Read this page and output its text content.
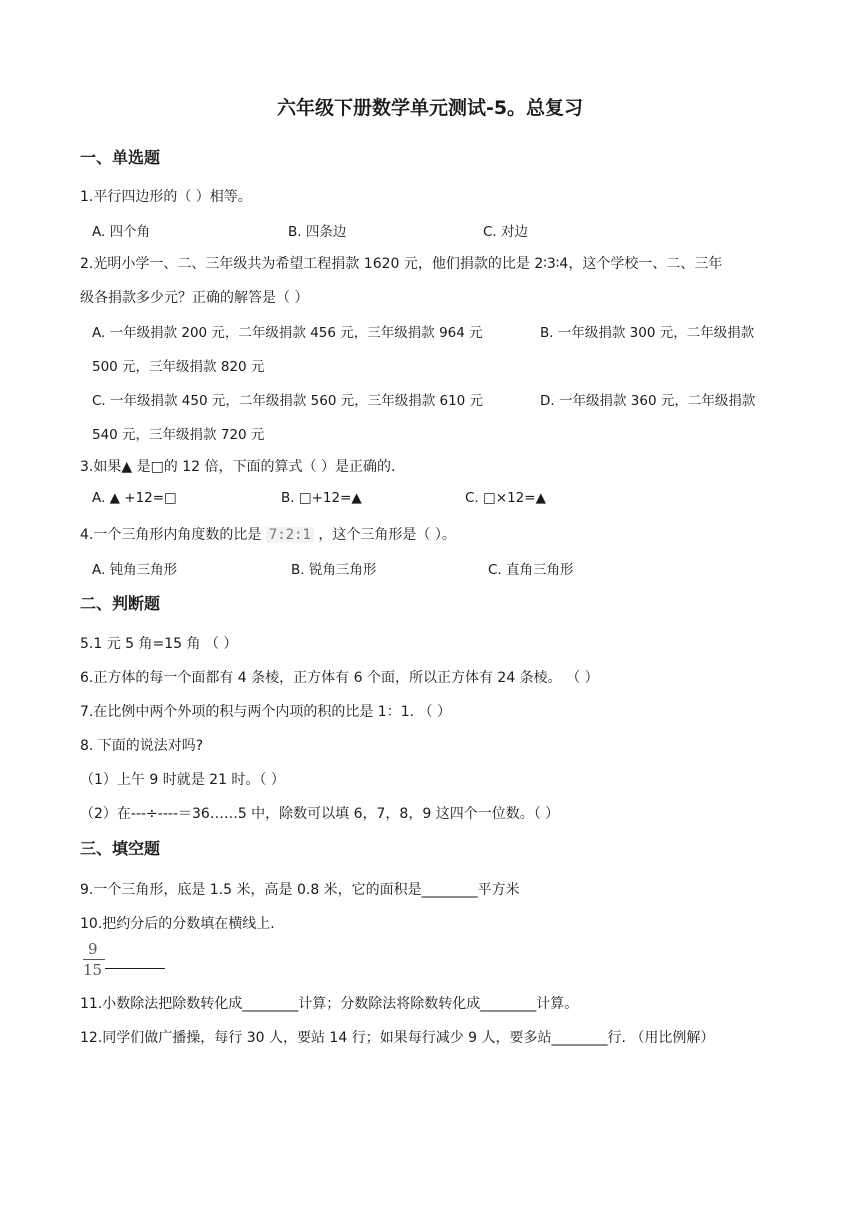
六年级下册数学单元测试-5。总复习
一、单选题
1.平行四边形的（ ）相等。
A. 四个角	B. 四条边	C. 对边
2.光明小学一、二、三年级共为希望工程捐款 1620 元，他们捐款的比是 2∶3∶4，这个学校一、二、三年
级各捐款多少元？正确的解答是（ ）
A. 一年级捐款 200 元，二年级捐款 456 元，三年级捐款 964 元	B. 一年级捐款 300 元，二年级捐款
500 元，三年级捐款 820 元
C. 一年级捐款 450 元，二年级捐款 560 元，三年级捐款 610 元	D. 一年级捐款 360 元，二年级捐款
540 元，三年级捐款 720 元
3.如果▲ 是□的 12 倍，下面的算式（ ）是正确的.
A. ▲ +12=□	B. □+12=▲	C. □×12=▲
4.一个三角形内角度数的比是 7:2:1 ，这个三角形是（ ）。
A. 钝角三角形	B. 锐角三角形	C. 直角三角形
二、判断题
5.1 元 5 角=15 角 （ ）
6.正方体的每一个面都有 4 条棱，正方体有 6 个面，所以正方体有 24 条棱。 （ ）
7.在比例中两个外项的积与两个内项的积的比是 1：1. （ ）
8. 下面的说法对吗?
（1）上午 9 时就是 21 时。（ ）
（2）在---÷----＝36……5 中，除数可以填 6，7，8，9 这四个一位数。（ ）
三、填空题
9.一个三角形，底是 1.5 米，高是 0.8 米，它的面积是________平方米
10.把约分后的分数填在横线上.
9
15
11.小数除法把除数转化成________计算；分数除法将除数转化成________计算。
12.同学们做广播操，每行 30 人，要站 14 行；如果每行减少 9 人，要多站________行. （用比例解）
